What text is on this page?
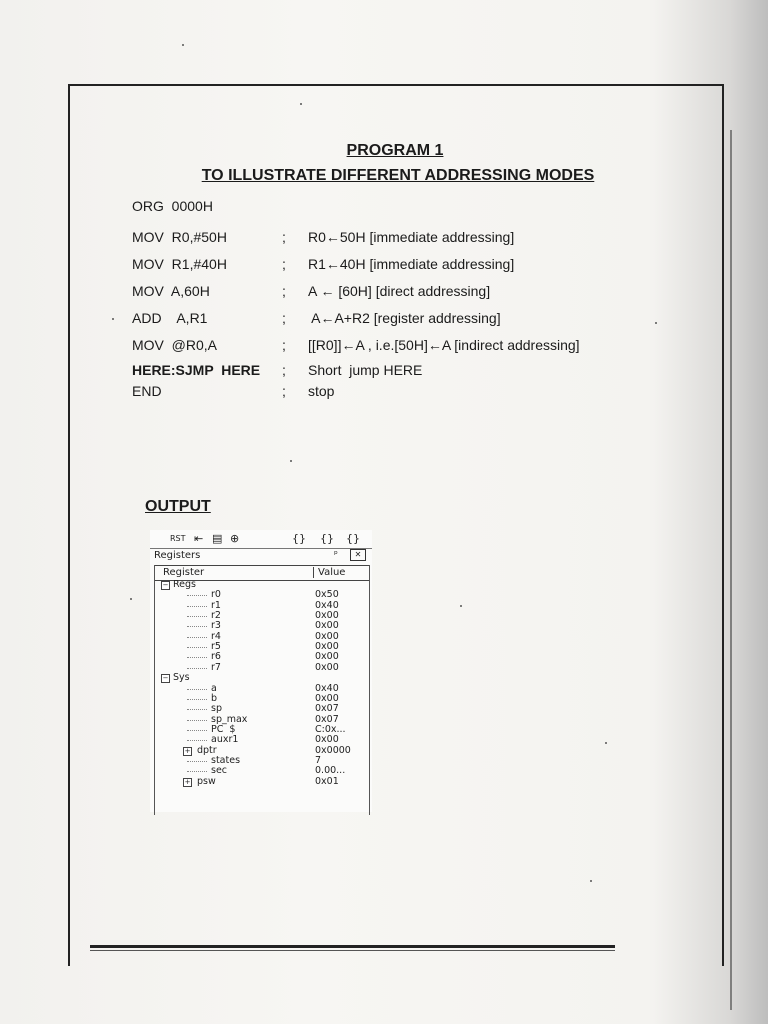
PROGRAM 1
TO ILLUSTRATE DIFFERENT ADDRESSING MODES
ORG  0000H
MOV  R0,#50H	; R0←50H [immediate addressing]
MOV  R1,#40H	; R1←40H [immediate addressing]
MOV  A,60H	; A ← [60H] [direct addressing]
ADD    A,R1	; A←A+R2 [register addressing]
MOV  @R0,A	; [[R0]]←A , i.e.[50H]←A [indirect addressing]
HERE:SJMP  HERE ; Short  jump HERE
END	; stop
OUTPUT
RST ⇤ ▤ ⊕	{} {} {}
Registers	ᵖ	✕
Register	Value
− Regs
r0	0x50
r1	0x40
r2	0x00
r3	0x00
r4	0x00
r5	0x00
r6	0x00
r7	0x00
− Sys
a	0x40
b	0x00
sp	0x07
sp_max	0x07
PC  $	C:0x...
auxr1	0x00
+ dptr	0x0000
states	7
sec	0.00...
+ psw	0x01
